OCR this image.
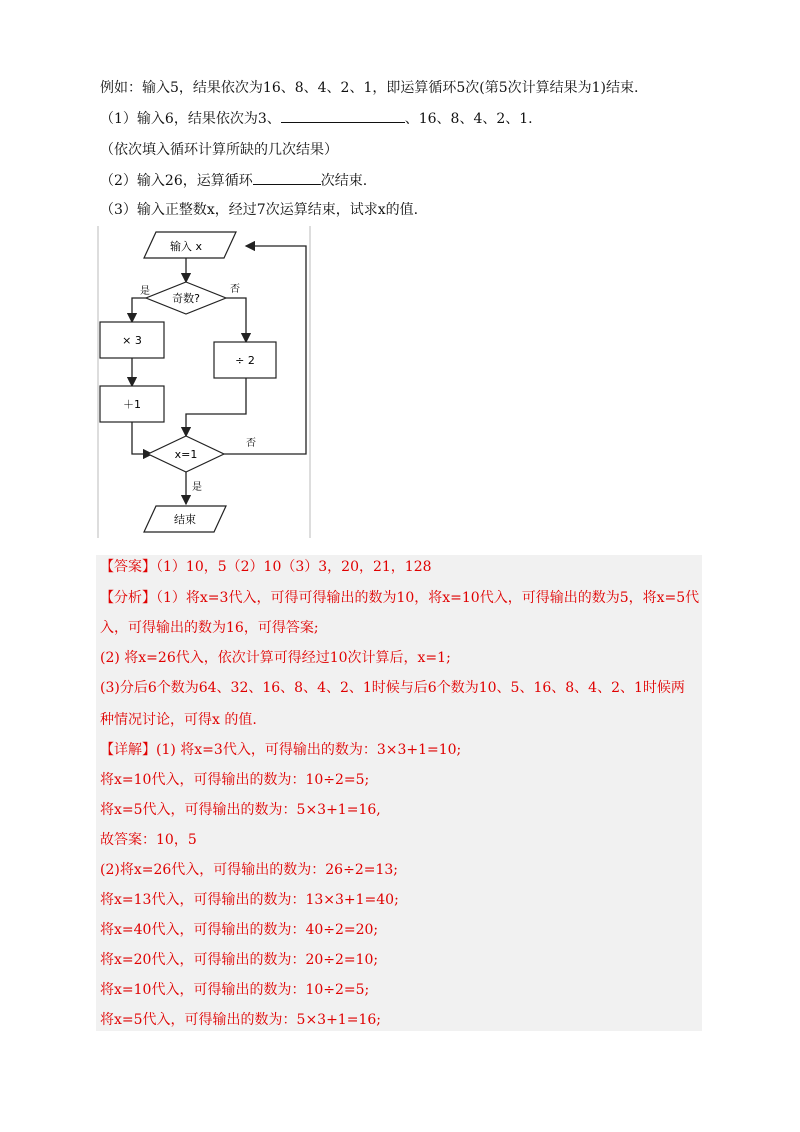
例如：输入5，结果依次为16、8、4、2、1，即运算循环5次(第5次计算结果为1)结束.
（1）输入6，结果依次为3、	、16、8、4、2、1.
（依次填入循环计算所缺的几次结果）
（2）输入26，运算循环	次结束.
（3）输入正整数x，经过7次运算结束，试求x的值.
输入 x
奇数?
是	否
× 3
＋1
÷ 2
x=1
否
是
结束
【答案】（1）10，5（2）10（3）3，20，21，128
【分析】（1）将x=3代入，可得可得输出的数为10，将x=10代入，可得输出的数为5，将x=5代
入，可得输出的数为16，可得答案;
(2) 将x=26代入，依次计算可得经过10次计算后，x=1;
(3)分后6个数为64、32、16、8、4、2、1时候与后6个数为10、5、16、8、4、2、1时候两
种情况讨论，可得x 的值.
【详解】(1) 将x=3代入，可得输出的数为：3×3+1=10;
将x=10代入，可得输出的数为：10÷2=5;
将x=5代入，可得输出的数为：5×3+1=16,
故答案：10，5
(2)将x=26代入，可得输出的数为：26÷2=13;
将x=13代入，可得输出的数为：13×3+1=40;
将x=40代入，可得输出的数为：40÷2=20;
将x=20代入，可得输出的数为：20÷2=10;
将x=10代入，可得输出的数为：10÷2=5;
将x=5代入，可得输出的数为：5×3+1=16;
